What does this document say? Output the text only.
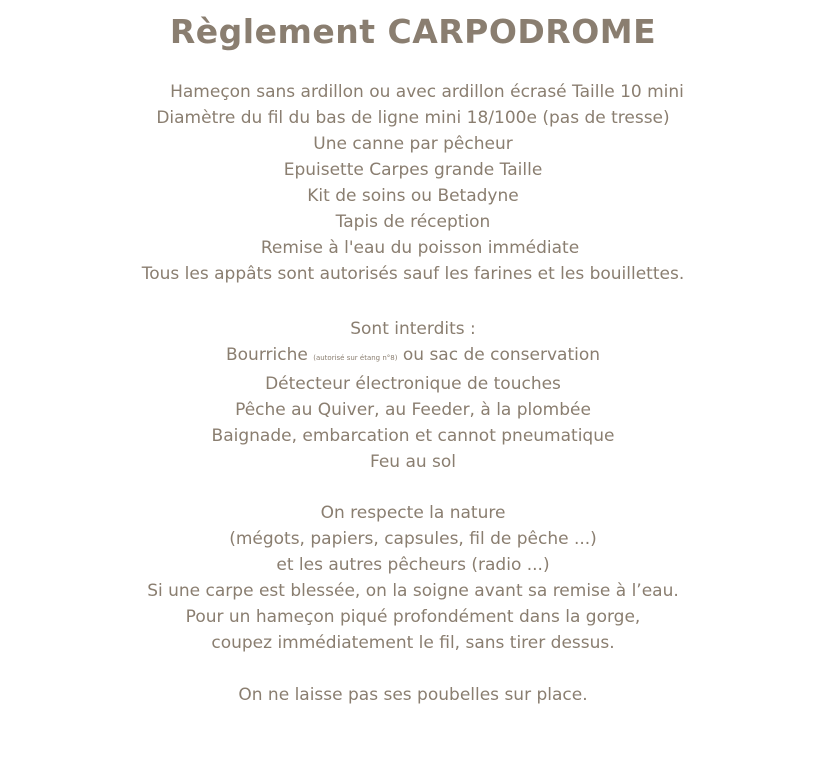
Règlement CARPODROME
Hameçon sans ardillon ou avec ardillon écrasé Taille 10 mini
Diamètre du fil du bas de ligne mini 18/100e (pas de tresse)
Une canne par pêcheur
Epuisette Carpes grande Taille
Kit de soins ou Betadyne
Tapis de réception
Remise à l'eau du poisson immédiate
Tous les appâts sont autorisés sauf les farines et les bouillettes.
Sont interdits :
Bourriche (autorisé sur étang n°8) ou sac de conservation
Détecteur électronique de touches
Pêche au Quiver, au Feeder, à la plombée
Baignade, embarcation et cannot pneumatique
Feu au sol
On respecte la nature
(mégots, papiers, capsules, fil de pêche ...)
et les autres pêcheurs (radio ...)
Si une carpe est blessée, on la soigne avant sa remise à l’eau.
Pour un hameçon piqué profondément dans la gorge,
coupez immédiatement le fil, sans tirer dessus.
On ne laisse pas ses poubelles sur place.
